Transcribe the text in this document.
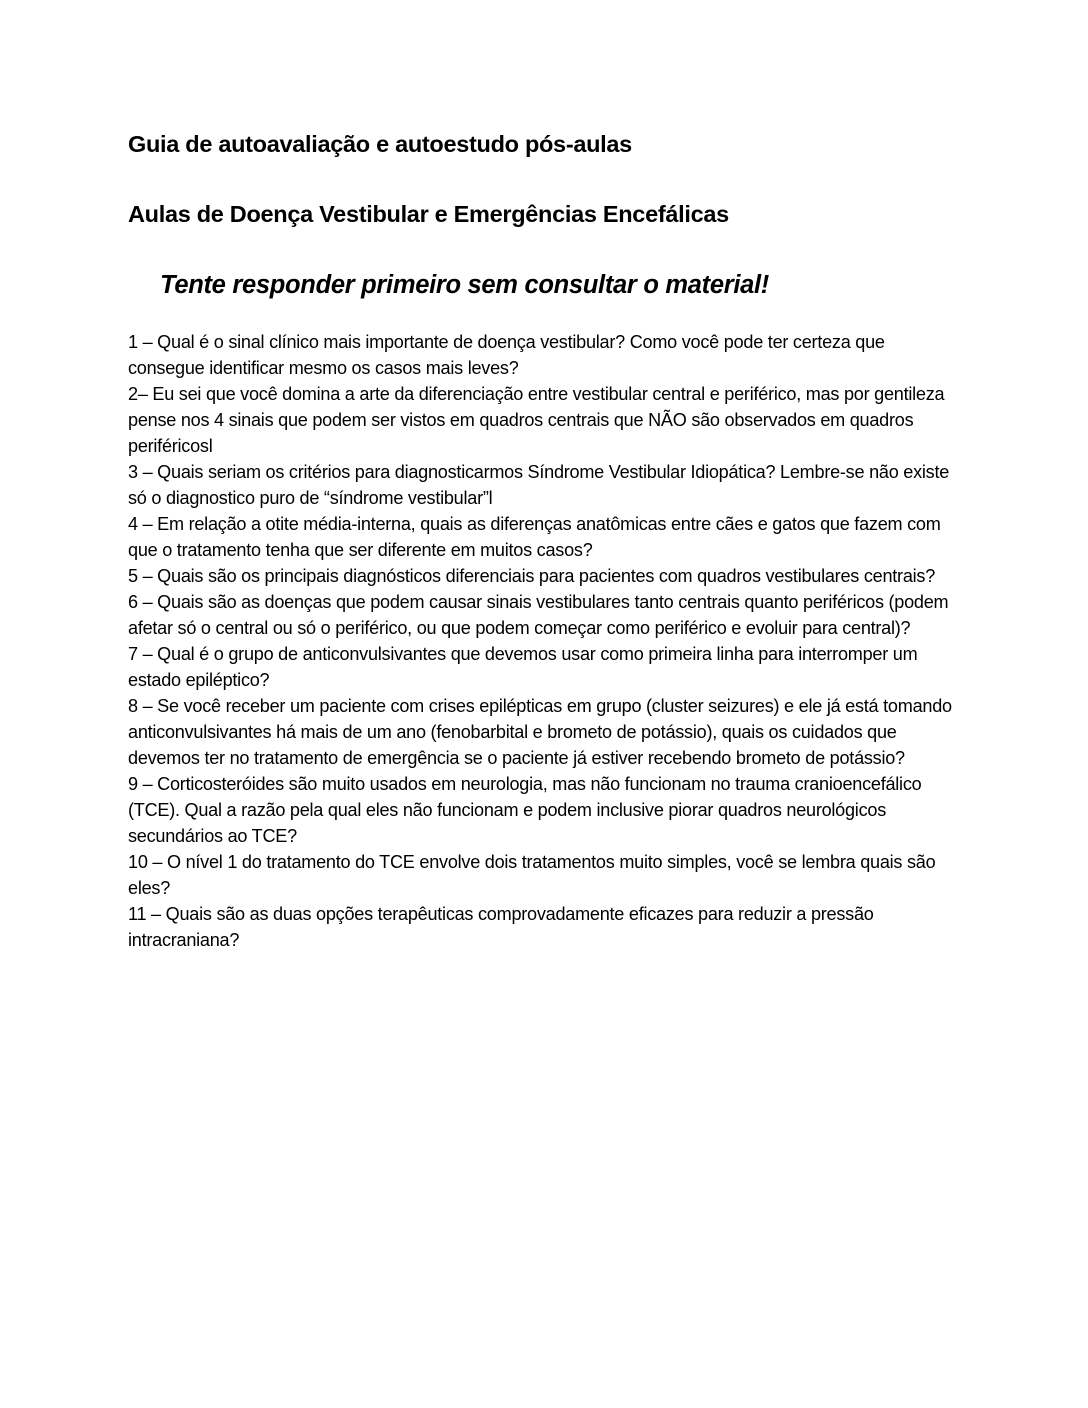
Guia de autoavaliação e autoestudo pós-aulas
Aulas de Doença Vestibular e Emergências Encefálicas

Tente responder primeiro sem consultar o material!

1 – Qual é o sinal clínico mais importante de doença vestibular? Como você pode ter certeza que consegue identificar mesmo os casos mais leves?
2– Eu sei que você domina a arte da diferenciação entre vestibular central e periférico, mas por gentileza pense nos 4 sinais que podem ser vistos em quadros centrais que NÃO são observados em quadros periféricosl
3 – Quais seriam os critérios para diagnosticarmos Síndrome Vestibular Idiopática? Lembre-se não existe só o diagnostico puro de “síndrome vestibular”l
4 – Em relação a otite média-interna, quais as diferenças anatômicas entre cães e gatos que fazem com que o tratamento tenha que ser diferente em muitos casos?
5 – Quais são os principais diagnósticos diferenciais para pacientes com quadros vestibulares centrais?
6 – Quais são as doenças que podem causar sinais vestibulares tanto centrais quanto periféricos (podem afetar só o central ou só o periférico, ou que podem começar como periférico e evoluir para central)?
7 – Qual é o grupo de anticonvulsivantes que devemos usar como primeira linha para interromper um estado epiléptico?
8 – Se você receber um paciente com crises epilépticas em grupo (cluster seizures) e ele já está tomando anticonvulsivantes há mais de um ano (fenobarbital e brometo de potássio), quais os cuidados que devemos ter no tratamento de emergência se o paciente já estiver recebendo brometo de potássio?
9 – Corticosteróides são muito usados em neurologia, mas não funcionam no trauma cranioencefálico (TCE). Qual a razão pela qual eles não funcionam e podem inclusive piorar quadros neurológicos secundários ao TCE?
10 – O nível 1 do tratamento do TCE envolve dois tratamentos muito simples, você se lembra quais são eles?
11 – Quais são as duas opções terapêuticas comprovadamente eficazes para reduzir a pressão intracraniana?
